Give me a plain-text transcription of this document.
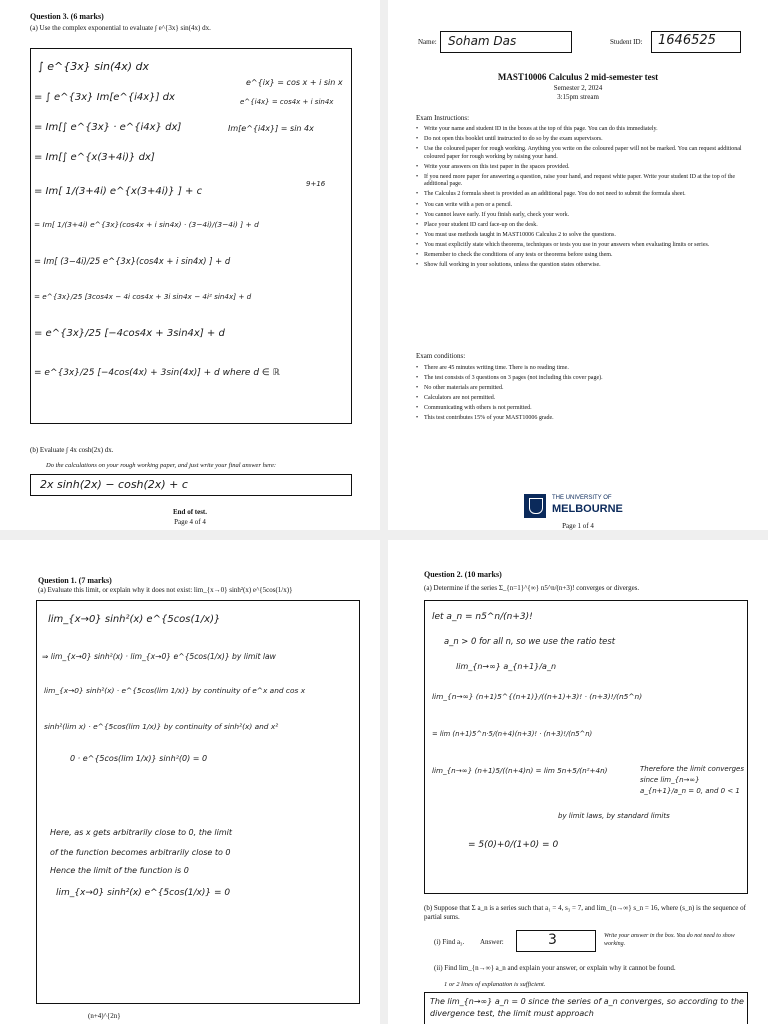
Question 3. (6 marks)
(a) Use the complex exponential to evaluate ∫ e^{3x} sin(4x) dx.
∫ e^{3x} sin(4x) dx
= ∫ e^{3x} Im[e^{i4x}] dx
= Im[∫ e^{3x} · e^{i4x} dx]
= Im[∫ e^{x(3+4i)} dx]
= Im[ 1/(3+4i) e^{x(3+4i)} ] + c
= Im[ 1/(3+4i) e^{3x}(cos4x + i sin4x) · (3−4i)/(3−4i) ] + d
= Im[ (3−4i)/25 e^{3x}(cos4x + i sin4x) ] + d
= e^{3x}/25 [3cos4x − 4i cos4x + 3i sin4x − 4i² sin4x] + d
= e^{3x}/25 [−4cos4x + 3sin4x] + d
= e^{3x}/25 [−4cos(4x) + 3sin(4x)] + d where d ∈ ℝ
e^{ix} = cos x + i sin x
e^{i4x} = cos4x + i sin4x
Im[e^{i4x}] = sin 4x
9+16
(b) Evaluate ∫ 4x cosh(2x) dx.
Do the calculations on your rough working paper, and just write your final answer here:
2x sinh(2x) − cosh(2x) + c
End of test.
Page 4 of 4
Name: Soham Das	Student ID: 1646525
MAST10006 Calculus 2 mid-semester test
Semester 2, 2024
3:15pm stream
Exam Instructions:
• Write your name and student ID in the boxes at the top of this page. You can do this immediately.
• Do not open this booklet until instructed to do so by the exam supervisors.
• Use the coloured paper for rough working. Anything you write on the coloured paper will not be marked. You can request additional coloured paper for rough working by raising your hand.
• Write your answers on this test paper in the spaces provided.
• If you need more paper for answering a question, raise your hand, and request white paper. Write your student ID at the top of the additional page.
• The Calculus 2 formula sheet is provided as an additional page. You do not need to submit the formula sheet.
• You can write with a pen or a pencil.
• You cannot leave early. If you finish early, check your work.
• Place your student ID card face-up on the desk.
• You must use methods taught in MAST10006 Calculus 2 to solve the questions.
• You must explicitly state which theorems, techniques or tests you use in your answers when evaluating limits or series.
• Remember to check the conditions of any tests or theorems before using them.
• Show full working in your solutions, unless the question states otherwise.
Exam conditions:
• There are 45 minutes writing time. There is no reading time.
• The test consists of 3 questions on 3 pages (not including this cover page).
• No other materials are permitted.
• Calculators are not permitted.
• Communicating with others is not permitted.
• This test contributes 15% of your MAST10006 grade.
THE UNIVERSITY OF
MELBOURNE
Page 1 of 4
Question 1. (7 marks)
(a) Evaluate this limit, or explain why it does not exist: lim_{x→0} sinh²(x) e^{5cos(1/x)}
lim_{x→0} sinh²(x) e^{5cos(1/x)}
⇒ lim_{x→0} sinh²(x) · lim_{x→0} e^{5cos(1/x)} by limit law
lim_{x→0} sinh²(x) · e^{5cos(lim 1/x)} by continuity of e^x and cos x
sinh²(lim x) · e^{5cos(lim 1/x)} by continuity of sinh²(x) and x²
0 · e^{5cos(lim 1/x)} sinh²(0) = 0
Here, as x gets arbitrarily close to 0, the limit
of the function becomes arbitrarily close to 0
Hence the limit of the function is 0
lim_{x→0} sinh²(x) e^{5cos(1/x)} = 0
(n+4)^{2n}
Question 2. (10 marks)
(a) Determine if the series Σ_{n=1}^{∞} n5^n/(n+3)! converges or diverges.
let a_n = n5^n/(n+3)!
a_n > 0 for all n, so we use the ratio test
lim_{n→∞} a_{n+1}/a_n
lim_{n→∞} (n+1)5^{(n+1)}/((n+1)+3)! · (n+3)!/(n5^n)
= lim (n+1)5^n·5/(n+4)(n+3)! · (n+3)!/(n5^n)
lim_{n→∞} (n+1)5/((n+4)n) = lim 5n+5/(n²+4n)
= 5(0)+0/(1+0) = 0
by limit laws, by standard limits
Therefore the limit converges since lim_{n→∞} a_{n+1}/a_n = 0, and 0 < 1
(b) Suppose that Σ a_n is a series such that a₁ = 4, s₃ = 7, and lim_{n→∞} s_n = 16, where (s_n) is the sequence of partial sums.
(i) Find a₃. Answer:	3	Write your answer in the box. You do not need to show working.
(ii) Find lim_{n→∞} a_n and explain your answer, or explain why it cannot be found.
1 or 2 lines of explanation is sufficient.
The lim_{n→∞} a_n = 0 since the series of a_n converges, so according to the divergence test, the limit must approach
